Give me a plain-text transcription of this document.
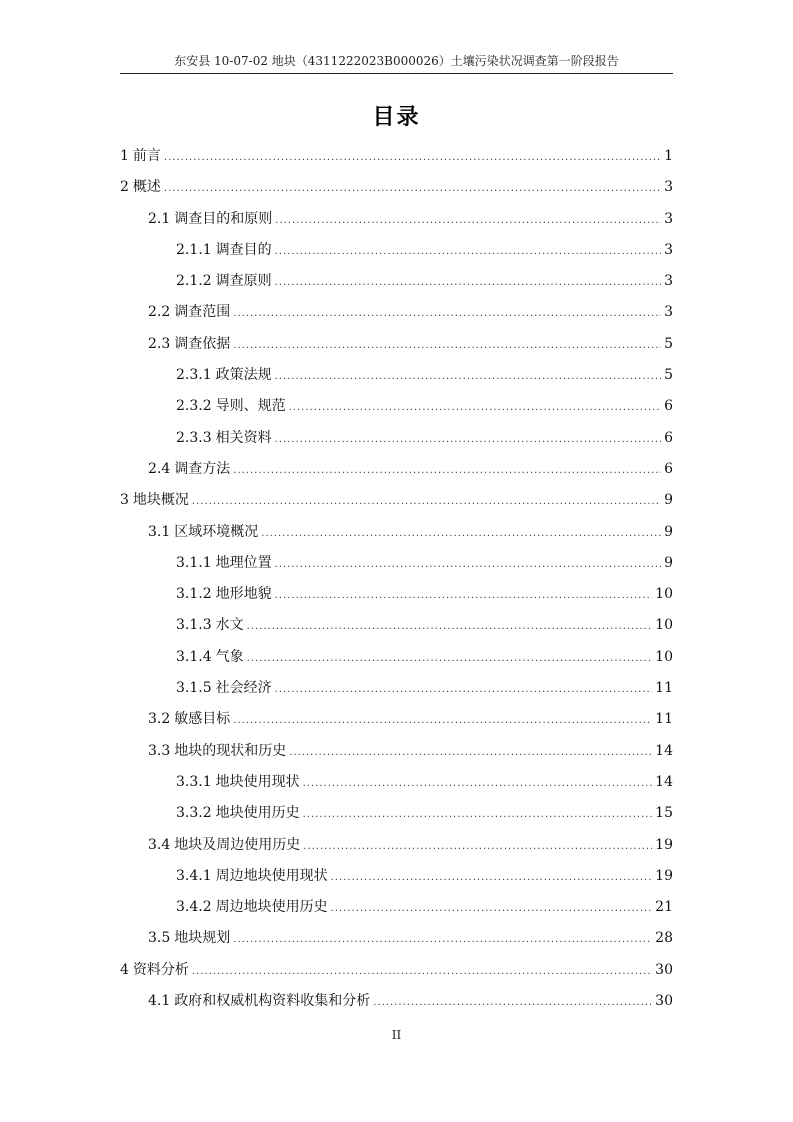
东安县 10-07-02 地块（4311222023B000026）土壤污染状况调查第一阶段报告
目录
1 前言 .....	1
2 概述 .....	3
2.1 调查目的和原则 .....	3
2.1.1 调查目的 .....	3
2.1.2 调查原则 .....	3
2.2 调查范围 .....	3
2.3 调查依据 .....	5
2.3.1 政策法规 .....	5
2.3.2 导则、规范 .....	6
2.3.3 相关资料 .....	6
2.4 调查方法 .....	6
3 地块概况 .....	9
3.1 区域环境概况 .....	9
3.1.1 地理位置 .....	9
3.1.2 地形地貌 .....	10
3.1.3 水文 .....	10
3.1.4 气象 .....	10
3.1.5 社会经济 .....	11
3.2 敏感目标 .....	11
3.3 地块的现状和历史 .....	14
3.3.1 地块使用现状 .....	14
3.3.2 地块使用历史 .....	15
3.4 地块及周边使用历史 .....	19
3.4.1 周边地块使用现状 .....	19
3.4.2 周边地块使用历史 .....	21
3.5 地块规划 .....	28
4 资料分析 .....	30
4.1 政府和权威机构资料收集和分析 .....	30
II
